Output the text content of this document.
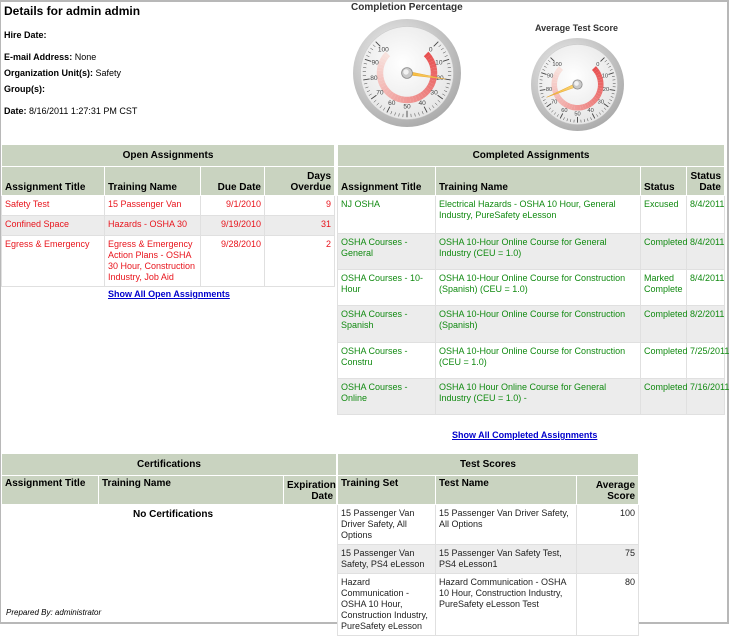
Details for admin admin
Hire Date:
E-mail Address: None
Organization Unit(s): Safety
Group(s):
Date: 8/16/2011 1:27:31 PM CST
Completion Percentage
0
10
20
30
40
50
60
70
80
90
100
Average Test Score
0
10
20
30
40
50
60
70
80
90
100
Open Assignments			
Assignment Title	Training Name	Due Date	Days Overdue
Safety Test	15 Passenger Van	9/1/2010	9
Confined Space	Hazards - OSHA 30	9/19/2010	31
Egress & Emergency	Egress & Emergency Action Plans - OSHA 30 Hour, Construction Industry, Job Aid	9/28/2010	2
Show All Open Assignments
Completed Assignments			
Assignment Title	Training Name	Status	Status Date
NJ OSHA	Electrical Hazards - OSHA 10 Hour, General Industry, PureSafety eLesson	Excused	8/4/2011
OSHA Courses - General	OSHA 10-Hour Online Course for General Industry (CEU = 1.0)	Completed	8/4/2011
OSHA Courses - 10-Hour	OSHA 10-Hour Online Course for Construction (Spanish) (CEU = 1.0)	Marked Complete	8/4/2011
OSHA Courses - Spanish	OSHA 10-Hour Online Course for Construction (Spanish)	Completed	8/2/2011
OSHA Courses - Constru	OSHA 10-Hour Online Course for Construction (CEU = 1.0)	Completed	7/25/2011
OSHA Courses - Online	OSHA 10 Hour Online Course for General Industry (CEU = 1.0) -	Completed	7/16/2011
Show All Completed Assignments
Certifications
Assignment Title	Training Name	Expiration Date
No Certifications
Test Scores		
Training Set	Test Name	Average Score
15 Passenger Van Driver Safety, All Options	15 Passenger Van Driver Safety, All Options	100
15 Passenger Van Safety, PS4 eLesson	15 Passenger Van Safety Test, PS4 eLesson1	75
Hazard Communication - OSHA 10 Hour, Construction Industry, PureSafety eLesson	Hazard Communication - OSHA 10 Hour, Construction Industry, PureSafety eLesson Test	80
Prepared By: administrator
